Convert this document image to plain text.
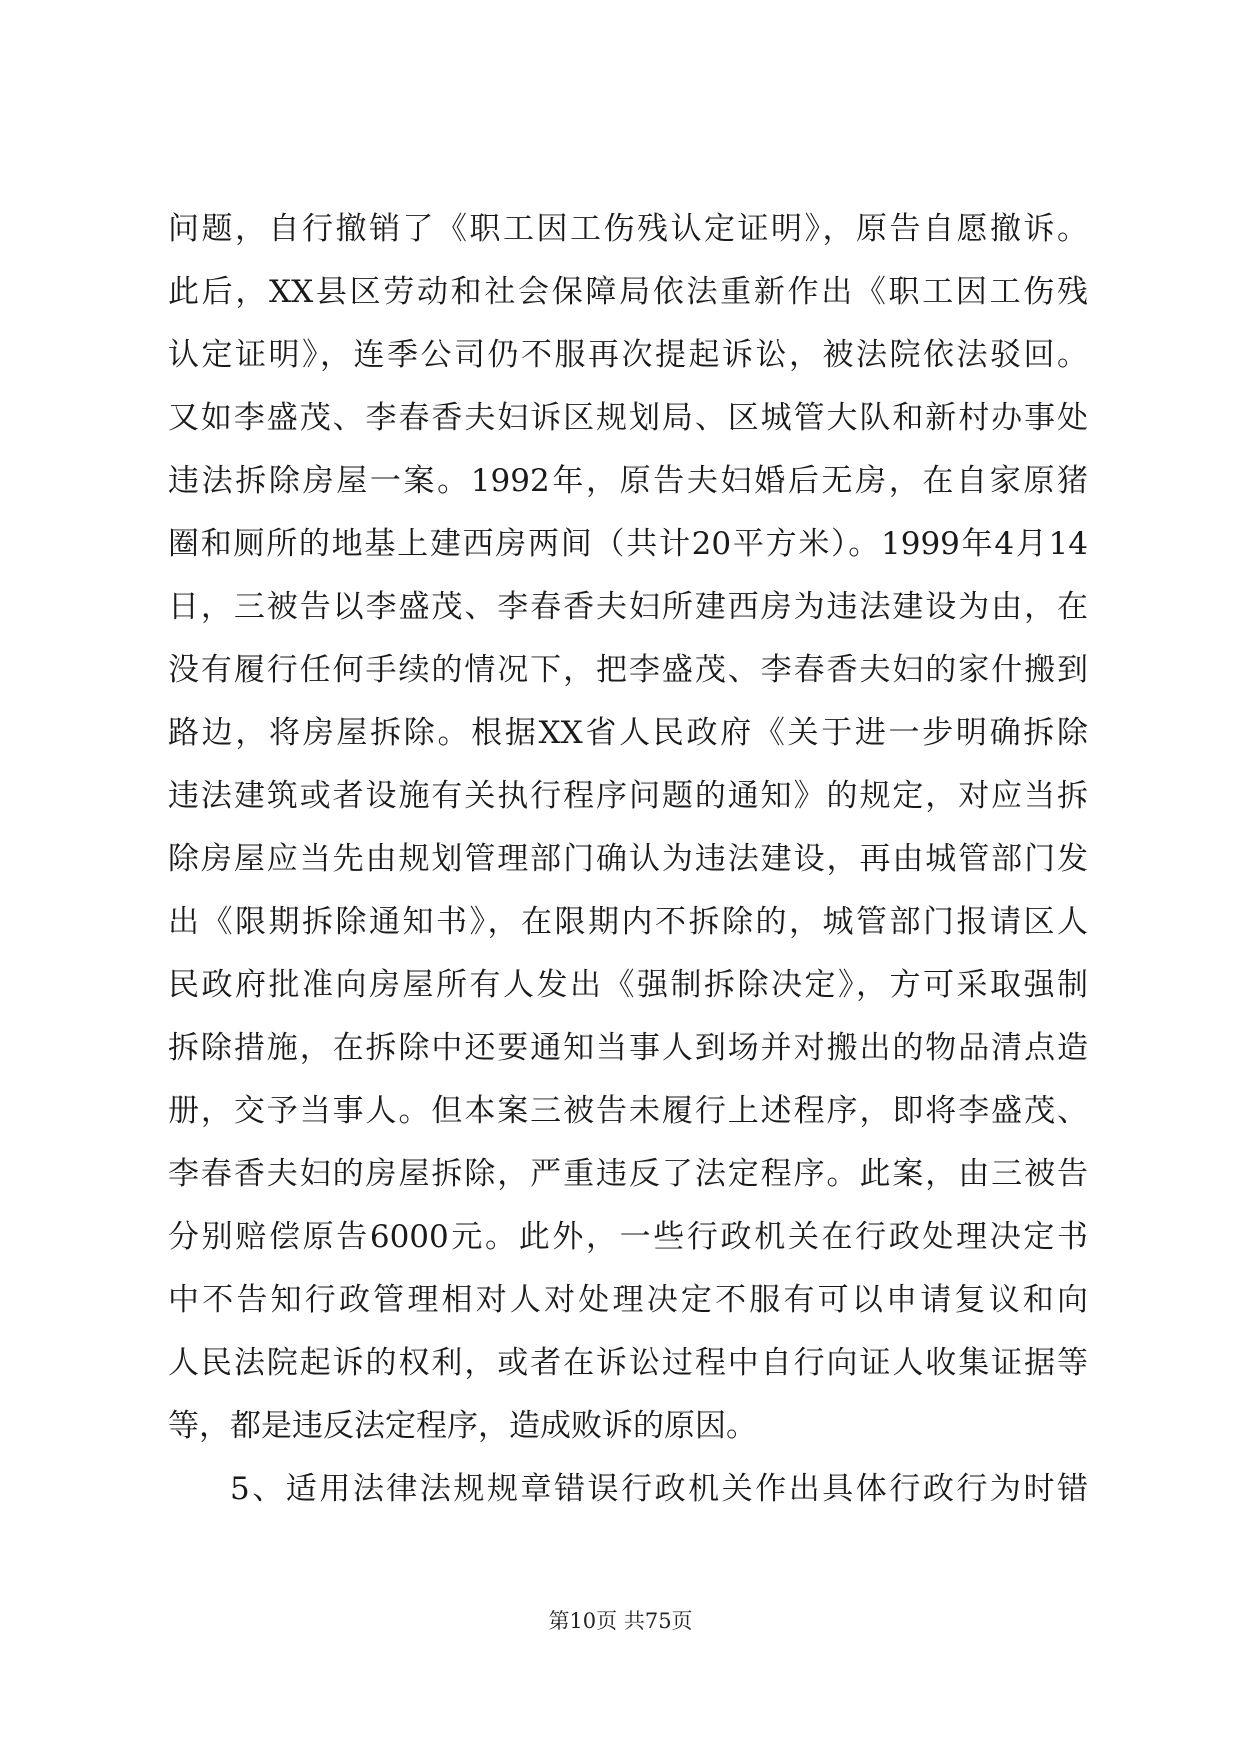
问题，自行撤销了《职工因工伤残认定证明》，原告自愿撤诉。
此后，XX县区劳动和社会保障局依法重新作出《职工因工伤残
认定证明》，连季公司仍不服再次提起诉讼，被法院依法驳回。
又如李盛茂、李春香夫妇诉区规划局、区城管大队和新村办事处
违法拆除房屋一案。1992年，原告夫妇婚后无房，在自家原猪
圈和厕所的地基上建西房两间（共计20平方米）。1999年4月14
日，三被告以李盛茂、李春香夫妇所建西房为违法建设为由，在
没有履行任何手续的情况下，把李盛茂、李春香夫妇的家什搬到
路边，将房屋拆除。根据XX省人民政府《关于进一步明确拆除
违法建筑或者设施有关执行程序问题的通知》的规定，对应当拆
除房屋应当先由规划管理部门确认为违法建设，再由城管部门发
出《限期拆除通知书》，在限期内不拆除的，城管部门报请区人
民政府批准向房屋所有人发出《强制拆除决定》，方可采取强制
拆除措施，在拆除中还要通知当事人到场并对搬出的物品清点造
册，交予当事人。但本案三被告未履行上述程序，即将李盛茂、
李春香夫妇的房屋拆除，严重违反了法定程序。此案，由三被告
分别赔偿原告6000元。此外，一些行政机关在行政处理决定书
中不告知行政管理相对人对处理决定不服有可以申请复议和向
人民法院起诉的权利，或者在诉讼过程中自行向证人收集证据等
等，都是违反法定程序，造成败诉的原因。
5、适用法律法规规章错误行政机关作出具体行政行为时错
第10页 共75页
